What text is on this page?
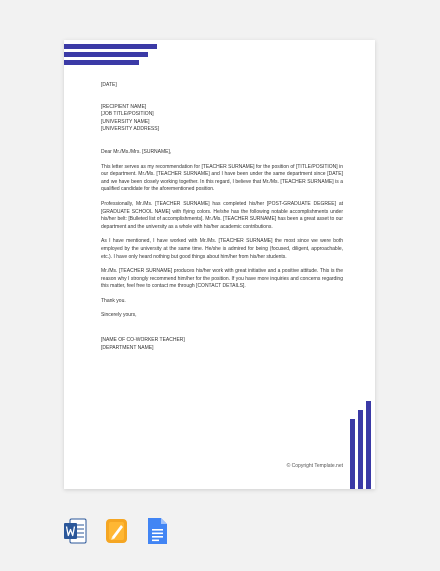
[DATE]
[RECIPIENT NAME]
[JOB TITLE/POSITION]
[UNIVERSITY NAME]
[UNIVERSITY ADDRESS]
Dear Mr./Ms./Mrs. [SURNAME],

This letter serves as my recommendation for [TEACHER SURNAME] for the position of [TITLE/POSITION] in our department. Mr./Ms. [TEACHER SURNAME] and I have been under the same department since [DATE] and we have been closely working together. In this regard, I believe that Mr./Ms. [TEACHER SURNAME] is a qualified candidate for the aforementioned position.

Professionally, Mr./Ms. [TEACHER SURNAME] has completed his/her [POST-GRADUATE DEGREE] at [GRADUATE SCHOOL NAME] with flying colors. He/she has the following notable accomplishments under his/her belt: [Bulleted list of accomplishments]. Mr./Ms. [TEACHER SURNAME] has been a great asset to our department and the university as a whole with his/her academic contributions.

As I have mentioned, I have worked with Mr./Ms. [TEACHER SURNAME] the most since we were both employed by the university at the same time. He/she is admired for being (focused, diligent, approachable, etc.). I have only heard nothing but good things about him/her from his/her students.

Mr./Ms. [TEACHER SURNAME] produces his/her work with great initiative and a positive attitude. This is the reason why I strongly recommend him/her for the position. If you have more inquiries and concerns regarding this matter, feel free to contact me through [CONTACT DETAILS].

Thank you.
Sincerely yours,
[NAME OF CO-WORKER TEACHER]
[DEPARTMENT NAME]
© Copyright Template.net
